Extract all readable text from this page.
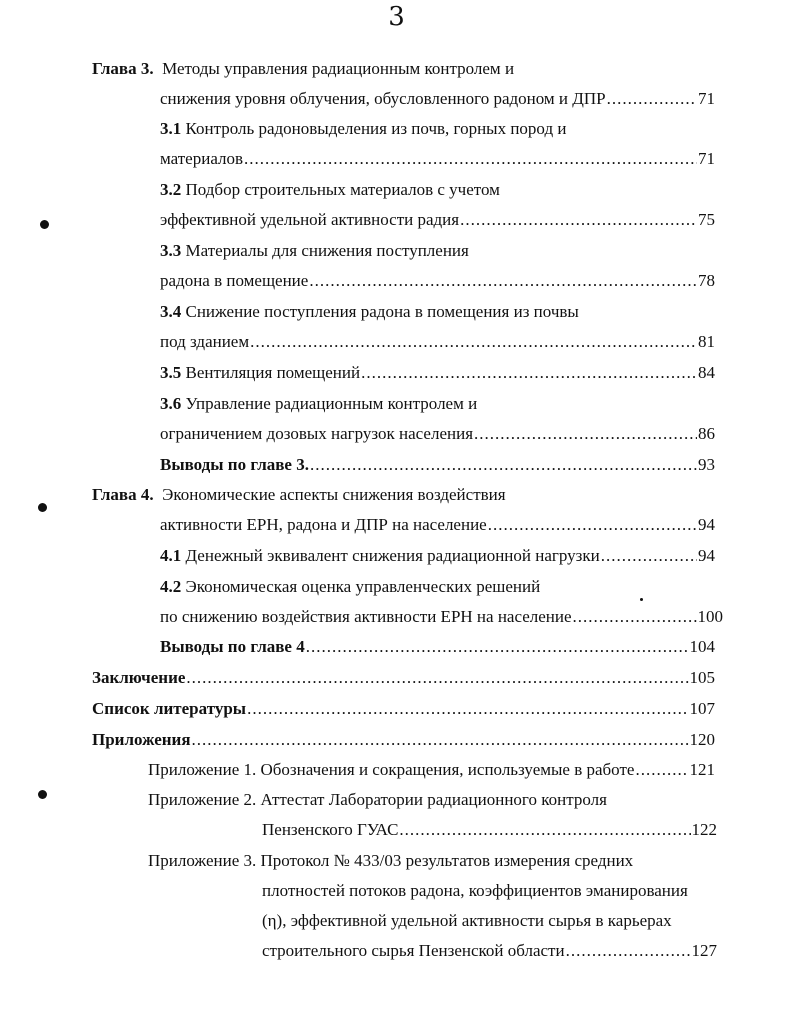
3
Глава 3. Методы управления радиационным контролем и
снижения уровня облучения, обусловленного радоном и ДПР .....	71
3.1 Контроль радоновыделения из почв, горных пород и
материалов .....	71
3.2 Подбор строительных материалов с учетом
эффективной удельной активности радия .....	75
3.3 Материалы для снижения поступления
радона в помещение .....	78
3.4 Снижение поступления радона в помещения из почвы
под зданием .....	81
3.5
Вентиляция помещений .....	84
3.6 Управление радиационным контролем и
ограничением дозовых нагрузок населения .....	86
Выводы по главе 3. .....	93
Глава 4. Экономические аспекты снижения воздействия
активности ЕРН, радона и ДПР на население .....	94
4.1
Денежный эквивалент снижения радиационной нагрузки .....	94
4.2 Экономическая оценка управленческих решений
по снижению воздействия активности ЕРН на население .....	100
Выводы по главе 4 .....	104
Заключение .....	105
Список литературы .....	107
Приложения .....	120
Приложение 1. Обозначения и сокращения, используемые в работе .....	121
Приложение 2. Аттестат Лаборатории радиационного контроля
Пензенского ГУАС .....	122
Приложение 3. Протокол № 433/03 результатов измерения средних
плотностей потоков радона, коэффициентов эманирования
(η), эффективной удельной активности сырья в карьерах
строительного сырья Пензенской области .....	127
